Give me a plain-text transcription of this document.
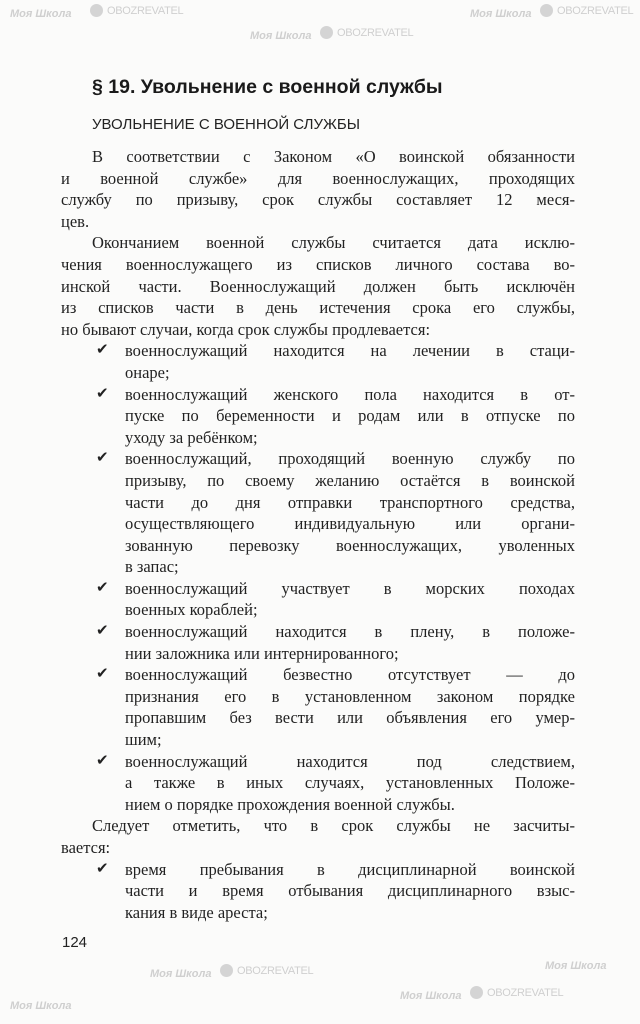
Моя Школа	OBOZREVATEL
Моя Школа	OBOZREVATEL
Моя Школа	OBOZREVATEL
Моя Школа	OBOZREVATEL
Моя Школа	OBOZREVATEL
Моя Школа
Моя Школа
§ 19. Увольнение с военной службы
УВОЛЬНЕНИЕ С ВОЕННОЙ СЛУЖБЫ
В соответствии с Законом «О воинской обязанности
и военной службе» для военнослужащих, проходящих
службу по призыву, срок службы составляет 12 меся-
цев.
Окончанием военной службы считается дата исклю-
чения военнослужащего из списков личного состава во-
инской части. Военнослужащий должен быть исключён
из списков части в день истечения срока его службы,
но бывают случаи, когда срок службы продлевается:
✔ военнослужащий находится на лечении в стаци-
онаре;
✔ военнослужащий женского пола находится в от-
пуске по беременности и родам или в отпуске по
уходу за ребёнком;
✔ военнослужащий, проходящий военную службу по
призыву, по своему желанию остаётся в воинской
части до дня отправки транспортного средства,
осуществляющего индивидуальную или органи-
зованную перевозку военнослужащих, уволенных
в запас;
✔ военнослужащий участвует в морских походах
военных кораблей;
✔ военнослужащий находится в плену, в положе-
нии заложника или интернированного;
✔ военнослужащий безвестно отсутствует — до
признания его в установленном законом порядке
пропавшим без вести или объявления его умер-
шим;
✔ военнослужащий находится под следствием,
а также в иных случаях, установленных Положе-
нием о порядке прохождения военной службы.
Следует отметить, что в срок службы не засчиты-
вается:
✔ время пребывания в дисциплинарной воинской
части и время отбывания дисциплинарного взыс-
кания в виде ареста;
124
